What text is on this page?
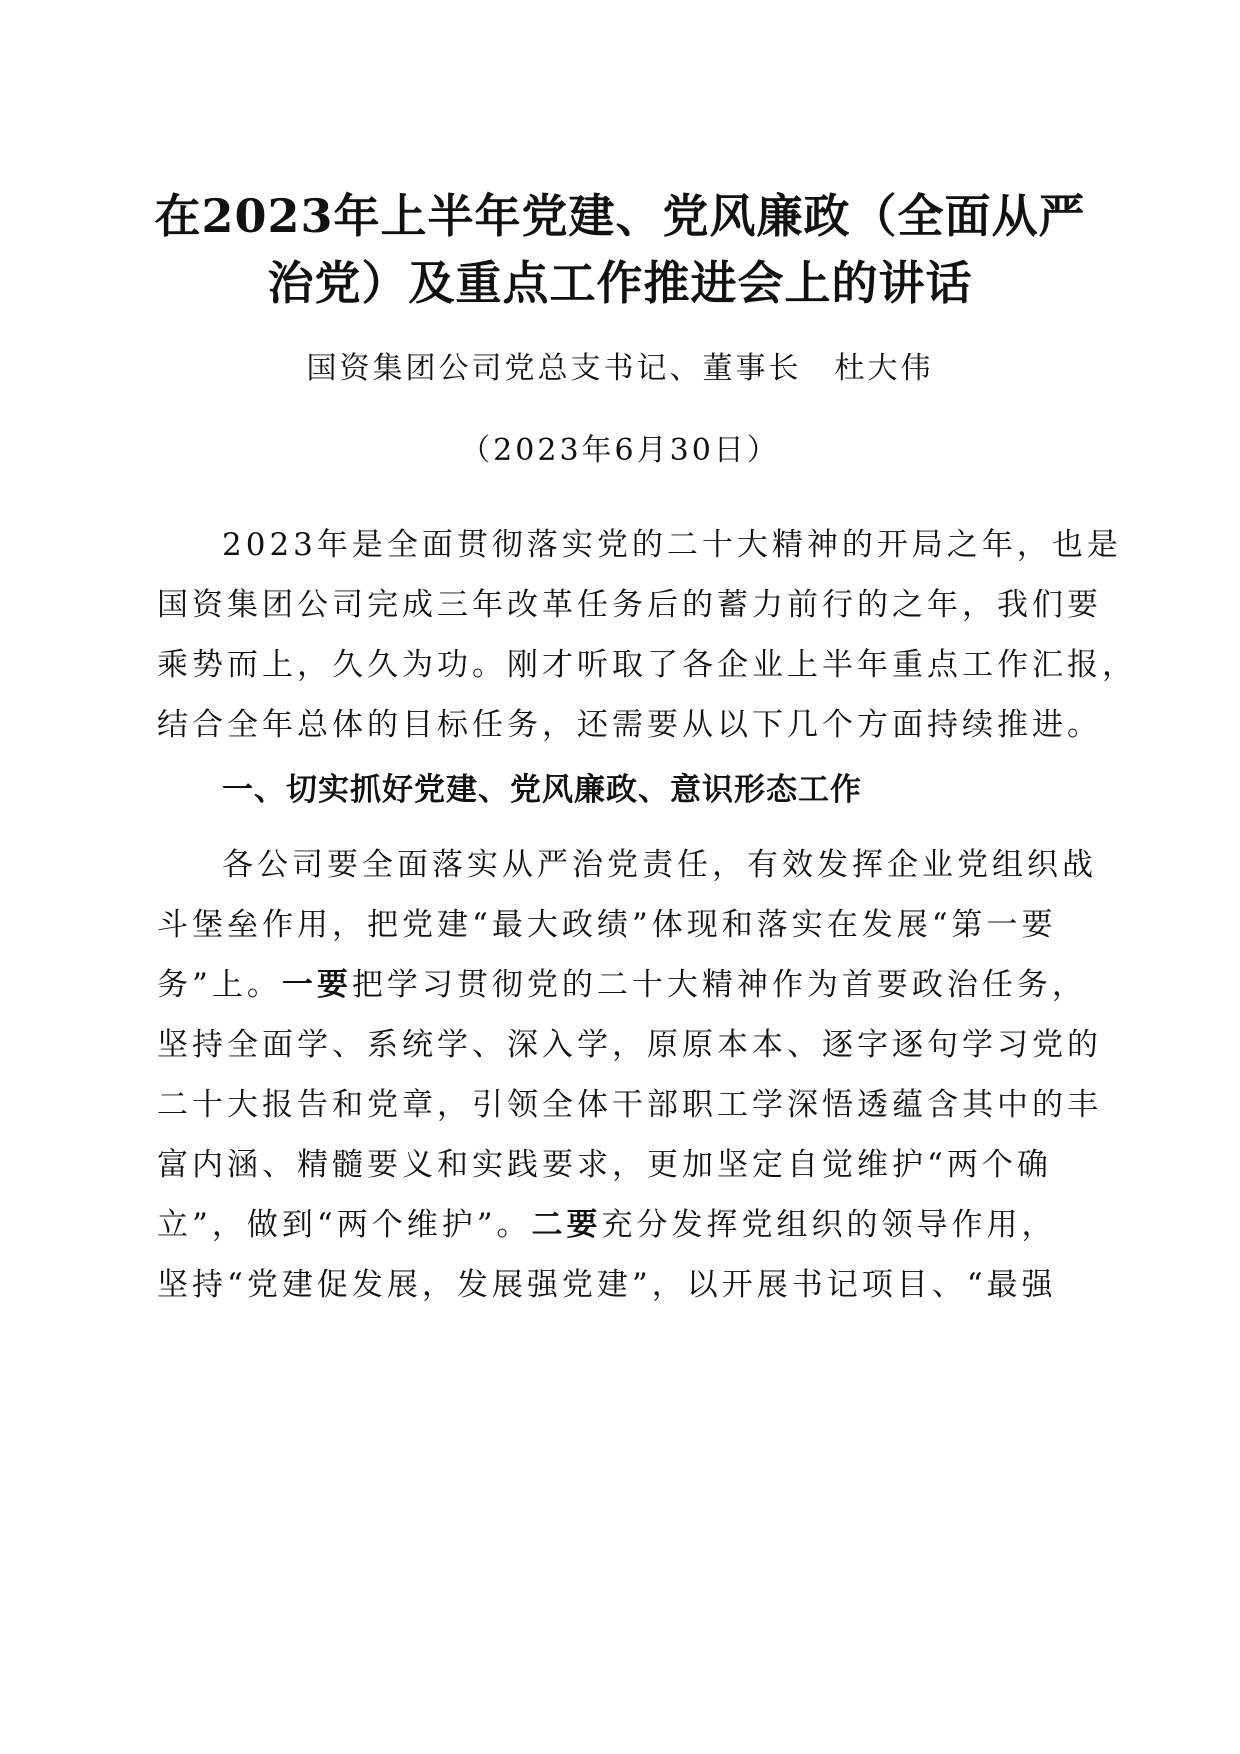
在2023年上半年党建、党风廉政（全面从严
治党）及重点工作推进会上的讲话
国资集团公司党总支书记、董事长　杜大伟
（2023年6月30日）
2023年是全面贯彻落实党的二十大精神的开局之年，也是
国资集团公司完成三年改革任务后的蓄力前行的之年，我们要
乘势而上，久久为功。刚才听取了各企业上半年重点工作汇报，
结合全年总体的目标任务，还需要从以下几个方面持续推进。
一、切实抓好党建、党风廉政、意识形态工作
各公司要全面落实从严治党责任，有效发挥企业党组织战
斗堡垒作用，把党建“最大政绩”体现和落实在发展“第一要
务”上。一要把学习贯彻党的二十大精神作为首要政治任务，
坚持全面学、系统学、深入学，原原本本、逐字逐句学习党的
二十大报告和党章，引领全体干部职工学深悟透蕴含其中的丰
富内涵、精髓要义和实践要求，更加坚定自觉维护“两个确
立”，做到“两个维护”。二要充分发挥党组织的领导作用，
坚持“党建促发展，发展强党建”，以开展书记项目、“最强
